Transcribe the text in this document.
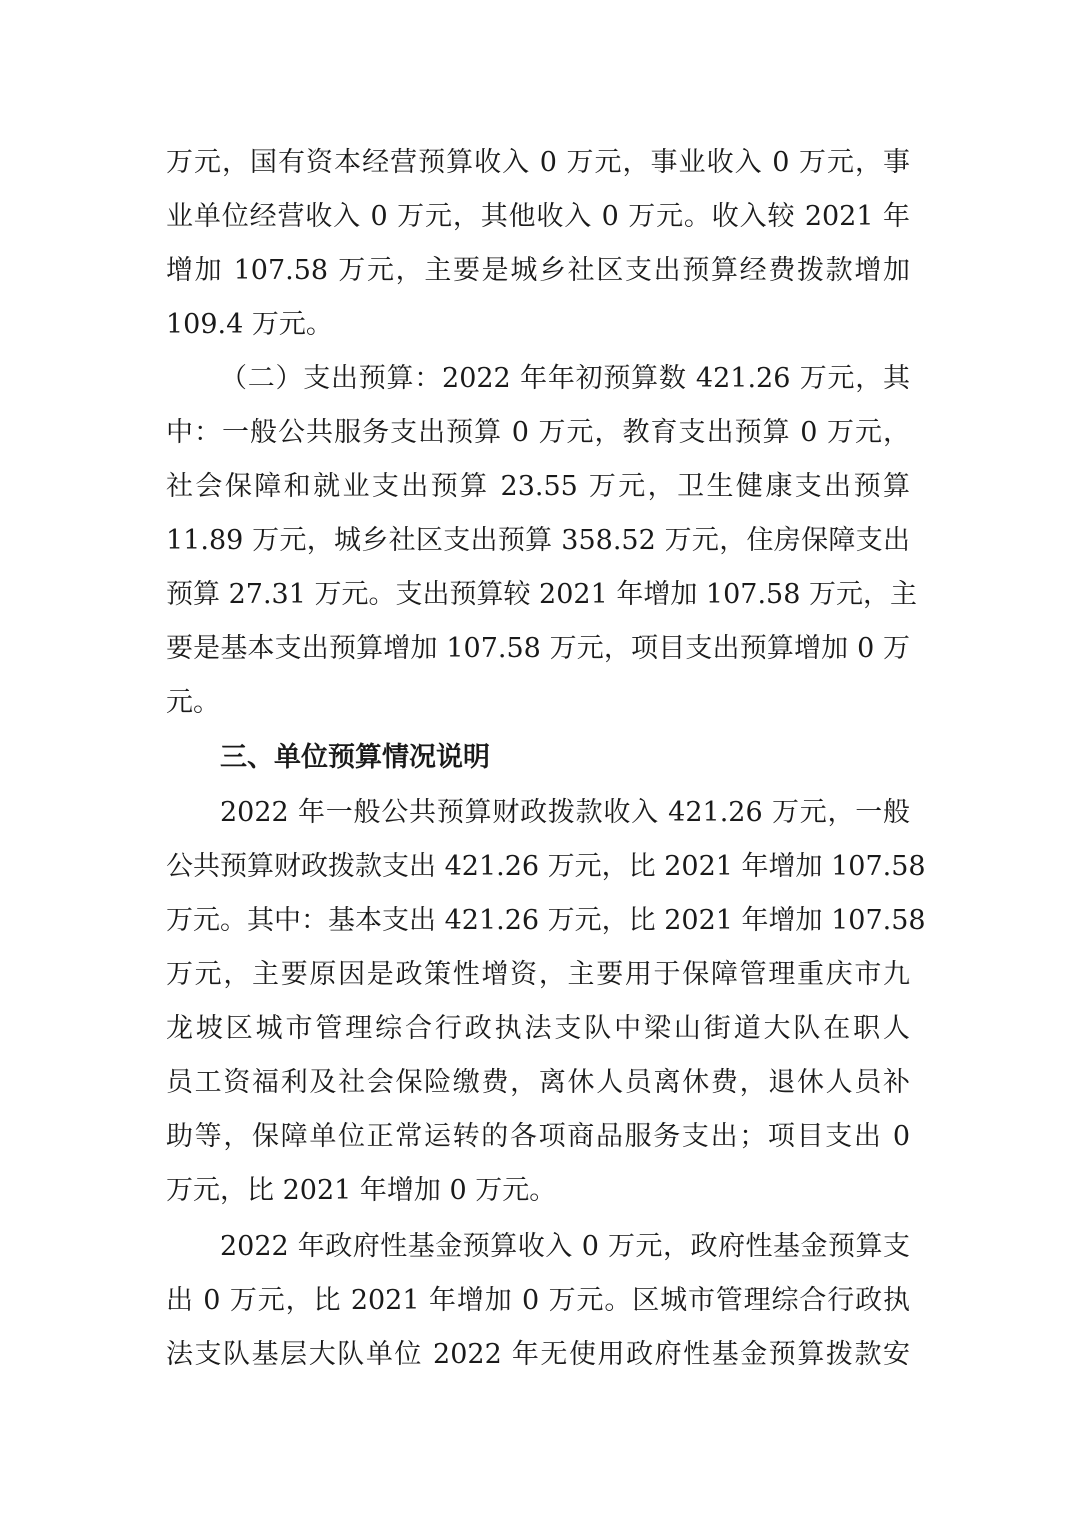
万元，国有资本经营预算收入 0 万元，事业收入 0 万元，事
业单位经营收入 0 万元，其他收入 0 万元。收入较 2021 年
增加 107.58 万元，主要是城乡社区支出预算经费拨款增加
109.4 万元。
（二）支出预算：2022 年年初预算数 421.26 万元，其
中：一般公共服务支出预算 0 万元，教育支出预算 0 万元，
社会保障和就业支出预算 23.55 万元，卫生健康支出预算
11.89 万元，城乡社区支出预算 358.52 万元，住房保障支出
预算 27.31 万元。支出预算较 2021 年增加 107.58 万元，主
要是基本支出预算增加 107.58 万元，项目支出预算增加 0 万
元。
三、单位预算情况说明
2022 年一般公共预算财政拨款收入 421.26 万元，一般
公共预算财政拨款支出 421.26 万元，比 2021 年增加 107.58
万元。其中：基本支出 421.26 万元，比 2021 年增加 107.58
万元，主要原因是政策性增资，主要用于保障管理重庆市九
龙坡区城市管理综合行政执法支队中梁山街道大队在职人
员工资福利及社会保险缴费，离休人员离休费，退休人员补
助等，保障单位正常运转的各项商品服务支出；项目支出 0
万元，比 2021 年增加 0 万元。
2022 年政府性基金预算收入 0 万元，政府性基金预算支
出 0 万元，比 2021 年增加 0 万元。区城市管理综合行政执
法支队基层大队单位 2022 年无使用政府性基金预算拨款安
